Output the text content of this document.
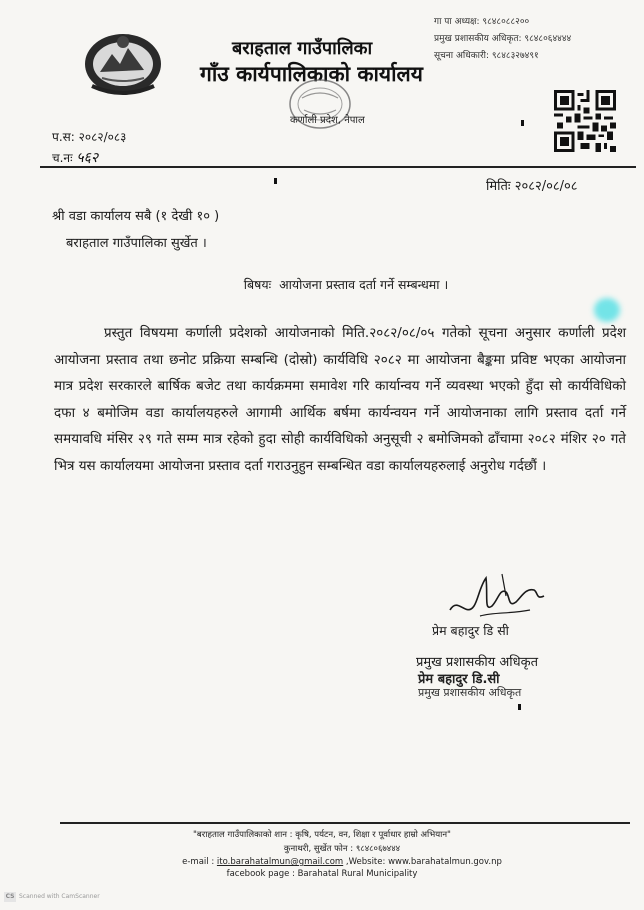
बराहताल गाउँपालिका
गाँउ कार्यपालिकाको कार्यालय
गा पा अध्यक्ष: ९८४८०८८२००
प्रमुख प्रशासकीय अधिकृत: ९८४८०६४४४४
सूचना अधिकारी: ९८४८३२७४९१
कर्णाली प्रदेश, नेपाल
प.स: २०८२/०८३
च.नः ५६२
मितिः २०८२/०८/०८
श्री वडा कार्यालय सबै (१ देखी १० )
बराहताल गाउँपालिका सुर्खेत ।
बिषयः आयोजना प्रस्ताव दर्ता गर्ने सम्बन्धमा ।
प्रस्तुत विषयमा कर्णाली प्रदेशको आयोजनाको मिति.२०८२/०८/०५ गतेको सूचना अनुसार कर्णाली प्रदेश आयोजना प्रस्ताव तथा छनोट प्रक्रिया सम्बन्धि (दोस्रो) कार्यविधि २०८२ मा आयोजना बैङ्कमा प्रविष्ट भएका आयोजना मात्र प्रदेश सरकारले बार्षिक बजेट तथा कार्यक्रममा समावेश गरि कार्यान्वय गर्ने व्यवस्था भएको हुँदा सो कार्यविधिको दफा ४ बमोजिम वडा कार्यालयहरुले आगामी आर्थिक बर्षमा कार्यन्वयन गर्ने आयोजनाका लागि प्रस्ताव दर्ता गर्ने समयावधि मंसिर २९ गते सम्म मात्र रहेको हुदा सोही कार्यविधिको अनुसूची २ बमोजिमको ढाँचामा २०८२ मंशिर २० गते भित्र यस कार्यालयमा आयोजना प्रस्ताव दर्ता गराउनुहुन सम्बन्धित वडा कार्यालयहरुलाई अनुरोध गर्दछौं ।
प्रेम बहादुर डि सी
प्रमुख प्रशासकीय अधिकृत
प्रेम बहादुर डि.सी
प्रमुख प्रशासकीय अधिकृत
"बराहताल गाउँपालिकाको शान : कृषि, पर्यटन, वन, शिक्षा र पूर्वाधार हाम्रो अभियान"
कुनाथरी, सुर्खेत फोन : ९८४८०६७४४४
e-mail : ito.barahatalmun@gmail.com ,Website: www.barahatalmun.gov.np
facebook page : Barahatal Rural Municipality
CS Scanned with CamScanner
